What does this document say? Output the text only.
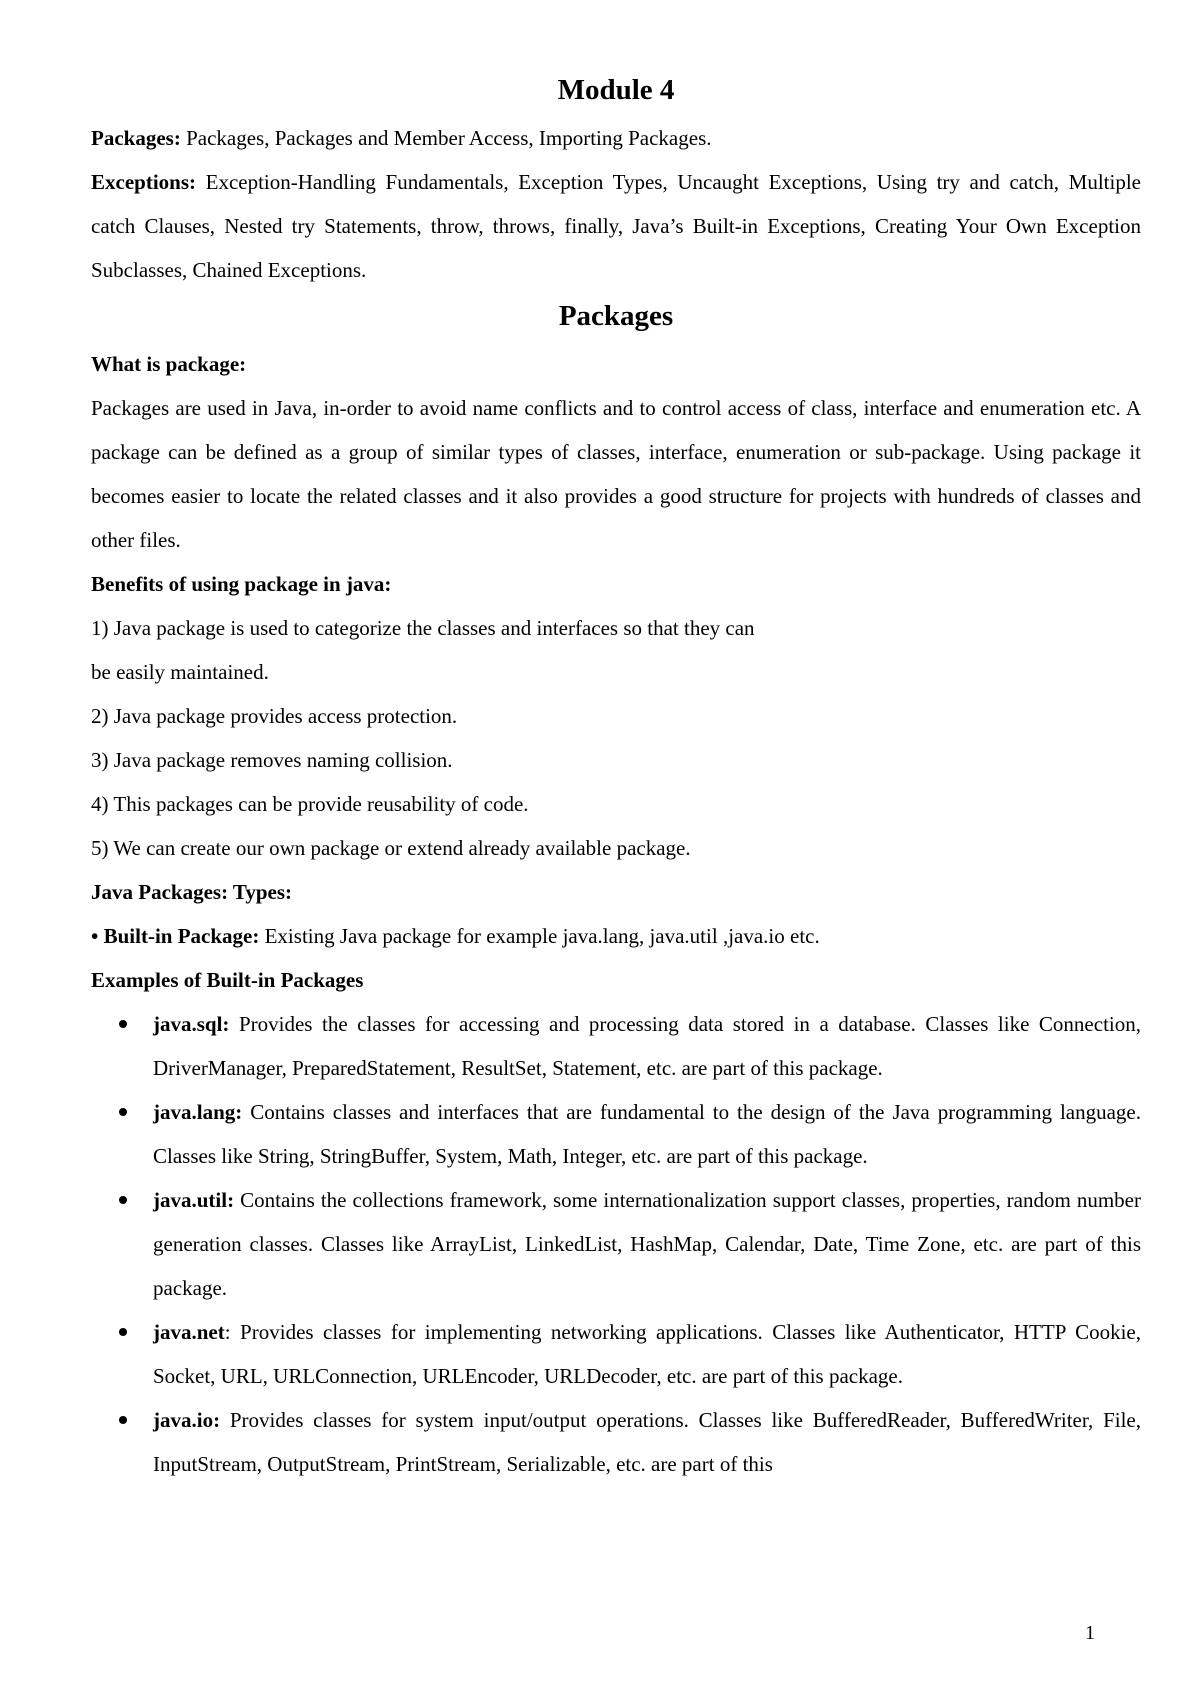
Module 4

Packages: Packages, Packages and Member Access, Importing Packages.

Exceptions: Exception-Handling Fundamentals, Exception Types, Uncaught Exceptions, Using try and catch, Multiple catch Clauses, Nested try Statements, throw, throws, finally, Java’s Built-in Exceptions, Creating Your Own Exception Subclasses, Chained Exceptions.

Packages

What is package:

Packages are used in Java, in-order to avoid name conflicts and to control access of class, interface and enumeration etc. A package can be defined as a group of similar types of classes, interface, enumeration or sub-package. Using package it becomes easier to locate the related classes and it also provides a good structure for projects with hundreds of classes and other files.

Benefits of using package in java:

1) Java package is used to categorize the classes and interfaces so that they can

be easily maintained.

2) Java package provides access protection.

3) Java package removes naming collision.

4) This packages can be provide reusability of code.

5) We can create our own package or extend already available package.

Java Packages: Types:

• Built-in Package: Existing Java package for example java.lang, java.util ,java.io etc.

Examples of Built-in Packages

java.sql: Provides the classes for accessing and processing data stored in a database. Classes like Connection, DriverManager, PreparedStatement, ResultSet, Statement, etc. are part of this package.
java.lang: Contains classes and interfaces that are fundamental to the design of the Java programming language. Classes like String, StringBuffer, System, Math, Integer, etc. are part of this package.
java.util: Contains the collections framework, some internationalization support classes, properties, random number generation classes. Classes like ArrayList, LinkedList, HashMap, Calendar, Date, Time Zone, etc. are part of this package.
java.net: Provides classes for implementing networking applications. Classes like Authenticator, HTTP Cookie, Socket, URL, URLConnection, URLEncoder, URLDecoder, etc. are part of this package.
java.io: Provides classes for system input/output operations. Classes like BufferedReader, BufferedWriter, File, InputStream, OutputStream, PrintStream, Serializable, etc. are part of this
1
